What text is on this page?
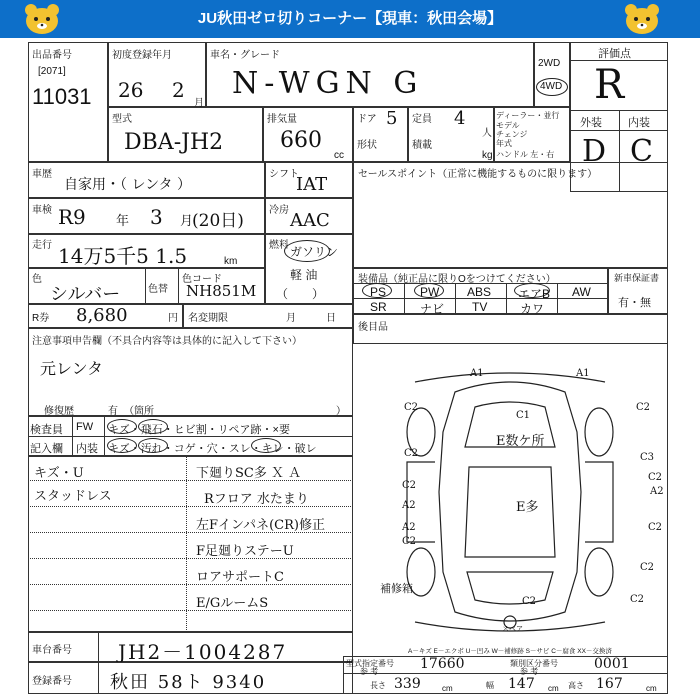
JU秋田ゼロ切りコーナー【現車：秋田会場】
出品番号
[2071]
11031
初度登録年月
26 2
月
車名・グレード
N-WGN G
2WD
4WD
評価点
R
外装 内装
D C
型式
DBA-JH2
排気量
660
cc
ドア 5
形状
定員 4
人
積載
kg
ディーラー・並行
モデル
チェンジ
年式
ハンドル 左・右
車歴
自家用・（ レンタ ）
シフト
IAT
車検 R9 年 3 月
(20日)
冷房 AAC
走行 14万5千5 1.5	km
燃料 ガソリン
軽 油
（　　）
色
シルバー	色替
色コード
NH851M
R券 8,680	円 名変期限	月	日
セールスポイント（正常に機能するものに限ります）
装備品（純正品に限りOをつけてください）
PS	PW ABS エアB AW
SR	ナビ TV	カワ
新車保証書
有・無
後目品
注意事項申告欄（不具合内容等は具体的に記入して下さい）
元レンタ
修復歴	有 （箇所	）
検査員 FW キズ・飛石・ヒビ割・リペア跡・×要
記入欄 内装 キズ・汚れ・コゲ・穴・スレ・キレ・破レ
キズ・U
スタッドレス
下廻りSC多 Ｘ Ａ
Rフロア 水たまり
左Fインパネ(CR)修正
F足廻りステーU
ロアサポートC
E/GルームS
A1	A1
C2
C1
C2
E数ケ所
C2	C3
C2
A2
A2
C2
E多
C2
A2
C2
補修箱
C2
C2	C2
スペア
A－キズ E－エクボ U－凹み W－補修跡 S－サビ C－腐食 XX－交換済
車台番号 JH2－1004287
登録番号 秋田 58ト 9340
型式指定番号
参 考	17660	類別区分番号
参 考	0001
長さ 339	cm	幅 147 cm 高さ 167	cm
